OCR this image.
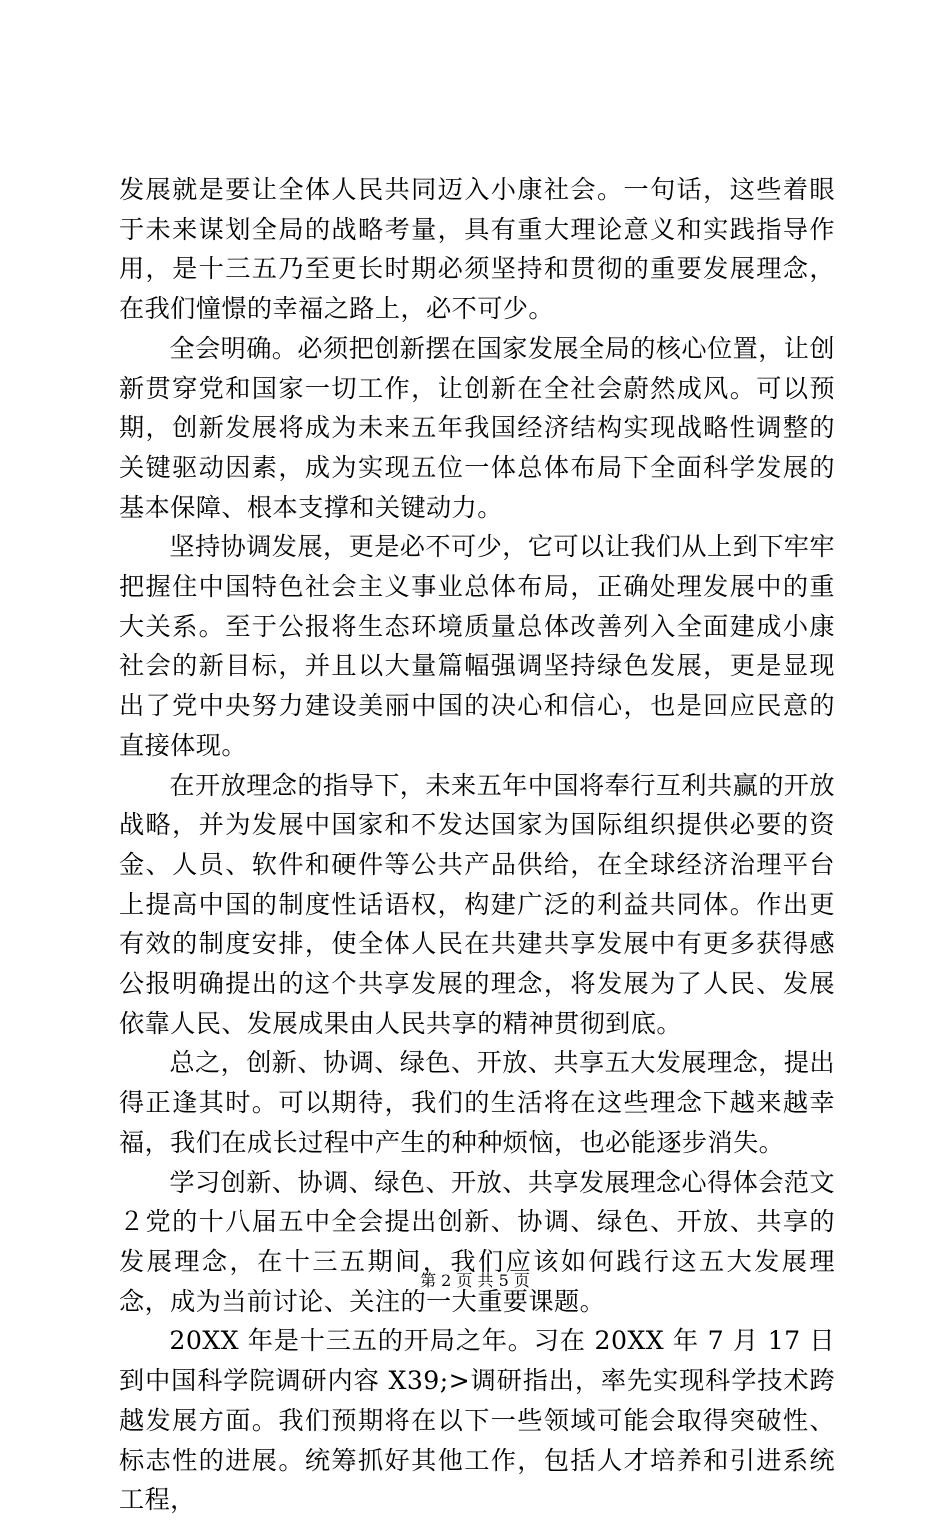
发展就是要让全体人民共同迈入小康社会。一句话，这些着眼于未来谋划全局的战略考量，具有重大理论意义和实践指导作用，是十三五乃至更长时期必须坚持和贯彻的重要发展理念，在我们憧憬的幸福之路上，必不可少。

全会明确。必须把创新摆在国家发展全局的核心位置，让创新贯穿党和国家一切工作，让创新在全社会蔚然成风。可以预期，创新发展将成为未来五年我国经济结构实现战略性调整的关键驱动因素，成为实现五位一体总体布局下全面科学发展的基本保障、根本支撑和关键动力。

坚持协调发展，更是必不可少，它可以让我们从上到下牢牢把握住中国特色社会主义事业总体布局，正确处理发展中的重大关系。至于公报将生态环境质量总体改善列入全面建成小康社会的新目标，并且以大量篇幅强调坚持绿色发展，更是显现出了党中央努力建设美丽中国的决心和信心，也是回应民意的直接体现。

在开放理念的指导下，未来五年中国将奉行互利共赢的开放战略，并为发展中国家和不发达国家为国际组织提供必要的资金、人员、软件和硬件等公共产品供给，在全球经济治理平台上提高中国的制度性话语权，构建广泛的利益共同体。作出更有效的制度安排，使全体人民在共建共享发展中有更多获得感公报明确提出的这个共享发展的理念，将发展为了人民、发展依靠人民、发展成果由人民共享的精神贯彻到底。

总之，创新、协调、绿色、开放、共享五大发展理念，提出得正逢其时。可以期待，我们的生活将在这些理念下越来越幸福，我们在成长过程中产生的种种烦恼，也必能逐步消失。

学习创新、协调、绿色、开放、共享发展理念心得体会范文２党的十八届五中全会提出创新、协调、绿色、开放、共享的发展理念，在十三五期间，我们应该如何践行这五大发展理念，成为当前讨论、关注的一大重要课题。

20XX 年是十三五的开局之年。习在 20XX 年 7 月 17 日到中国科学院调研内容 X39;>调研指出，率先实现科学技术跨越发展方面。我们预期将在以下一些领域可能会取得突破性、标志性的进展。统筹抓好其他工作，包括人才培养和引进系统工程，

第 2 页 共 5 页
